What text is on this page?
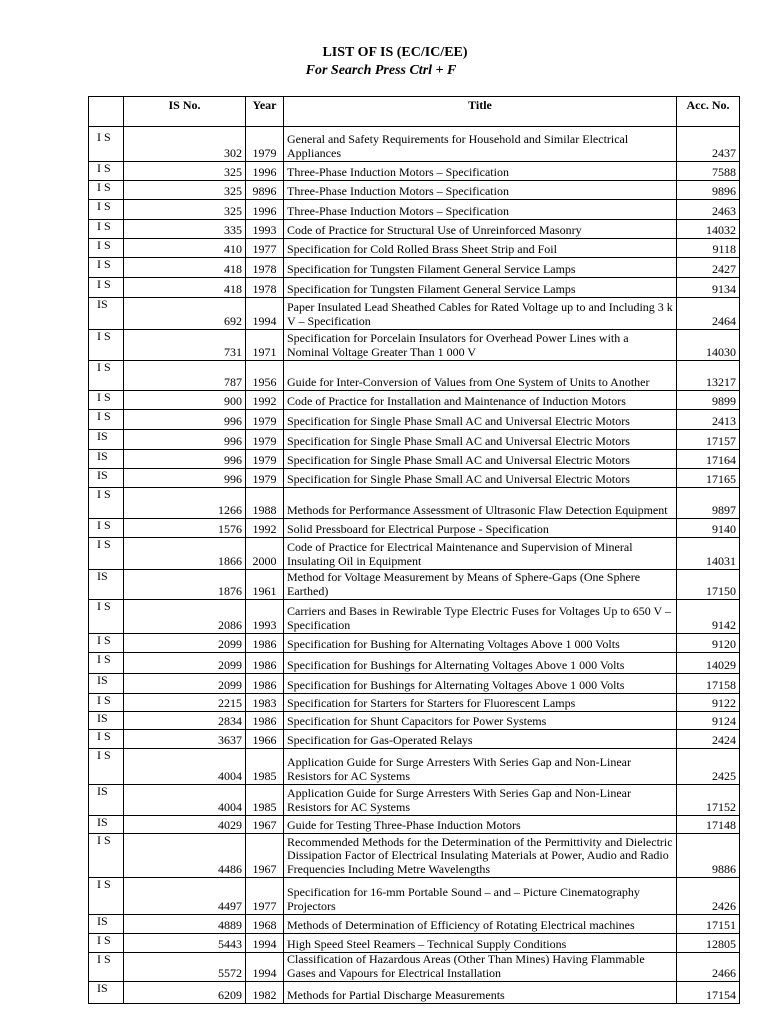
LIST OF IS (EC/IC/EE)
For Search Press Ctrl + F
	IS No.	Year	Title	Acc. No.
I S	302	1979	General and Safety Requirements for Household and Similar Electrical Appliances	2437
I S	325	1996	Three-Phase Induction Motors – Specification	7588
I S	325	9896	Three-Phase Induction Motors – Specification	9896
I S	325	1996	Three-Phase Induction Motors – Specification	2463
I S	335	1993	Code of Practice for Structural Use of Unreinforced Masonry	14032
I S	410	1977	Specification for Cold Rolled Brass Sheet Strip and Foil	9118
I S	418	1978	Specification for Tungsten Filament General Service Lamps	2427
I S	418	1978	Specification for Tungsten Filament General Service Lamps	9134
IS	692	1994	Paper Insulated Lead Sheathed Cables for Rated Voltage up to and Including 3 k V – Specification	2464
I S	731	1971	Specification for Porcelain Insulators for Overhead Power Lines with a Nominal Voltage Greater Than 1 000 V	14030
I S	787	1956	Guide for Inter-Conversion of Values from One System of Units to Another	13217
I S	900	1992	Code of Practice for Installation and Maintenance of Induction Motors	9899
I S	996	1979	Specification for Single Phase Small AC and Universal Electric Motors	2413
IS	996	1979	Specification for Single Phase Small AC and Universal Electric Motors	17157
IS	996	1979	Specification for Single Phase Small AC and Universal Electric Motors	17164
IS	996	1979	Specification for Single Phase Small AC and Universal Electric Motors	17165
I S	1266	1988	Methods for Performance Assessment of Ultrasonic Flaw Detection Equipment	9897
I S	1576	1992	Solid Pressboard for Electrical Purpose - Specification	9140
I S	1866	2000	Code of Practice for Electrical Maintenance and Supervision of Mineral Insulating Oil in Equipment	14031
IS	1876	1961	Method for Voltage Measurement by Means of Sphere-Gaps (One Sphere Earthed)	17150
I S	2086	1993	Carriers and Bases in Rewirable Type Electric Fuses for Voltages Up to 650 V – Specification	9142
I S	2099	1986	Specification for Bushing for Alternating Voltages Above 1 000 Volts	9120
I S	2099	1986	Specification for Bushings for Alternating Voltages Above 1 000 Volts	14029
IS	2099	1986	Specification for Bushings for Alternating Voltages Above 1 000 Volts	17158
I S	2215	1983	Specification for Starters for Starters for Fluorescent Lamps	9122
IS	2834	1986	Specification for Shunt Capacitors for Power Systems	9124
I S	3637	1966	Specification for Gas-Operated Relays	2424
I S	4004	1985	Application Guide for Surge Arresters With Series Gap and Non-Linear Resistors for AC Systems	2425
IS	4004	1985	Application Guide for Surge Arresters With Series Gap and Non-Linear Resistors for AC Systems	17152
IS	4029	1967	Guide for Testing Three-Phase Induction Motors	17148
I S	4486	1967	Recommended Methods for the Determination of the Permittivity and Dielectric Dissipation Factor of Electrical Insulating Materials at Power, Audio and Radio Frequencies Including Metre Wavelengths	9886
I S	4497	1977	Specification for 16-mm Portable Sound – and – Picture Cinematography Projectors	2426
IS	4889	1968	Methods of Determination of Efficiency of Rotating Electrical machines	17151
I S	5443	1994	High Speed Steel Reamers – Technical Supply Conditions	12805
I S	5572	1994	Classification of Hazardous Areas (Other Than Mines) Having Flammable Gases and Vapours for Electrical Installation	2466
IS	6209	1982	Methods for Partial Discharge Measurements	17154
